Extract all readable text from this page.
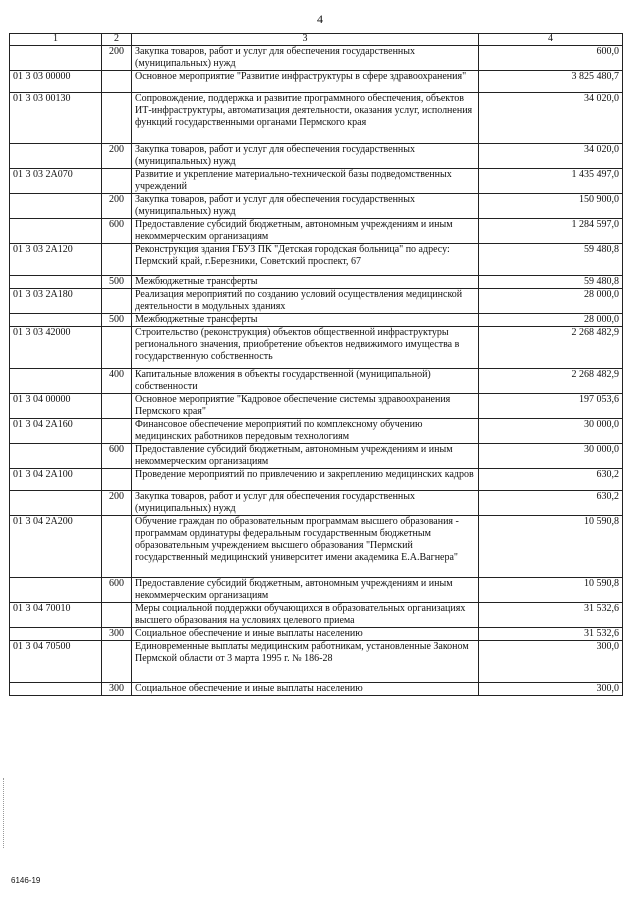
4
1	2	3	4
	200	Закупка товаров, работ и услуг для обеспечения государственных (муниципальных) нужд	600,0
01 3 03 00000		Основное мероприятие "Развитие инфраструктуры в сфере здравоохранения"	3 825 480,7
01 3 03 00130		Сопровождение, поддержка и развитие программного обеспечения, объектов ИТ-инфраструктуры, автоматизация деятельности, оказания услуг, исполнения функций государственными органами Пермского края	34 020,0
	200	Закупка товаров, работ и услуг для обеспечения государственных (муниципальных) нужд	34 020,0
01 3 03 2А070		Развитие и укрепление материально-технической базы подведомственных учреждений	1 435 497,0
	200	Закупка товаров, работ и услуг для обеспечения государственных (муниципальных) нужд	150 900,0
	600	Предоставление субсидий бюджетным, автономным учреждениям и иным некоммерческим организациям	1 284 597,0
01 3 03 2А120		Реконструкция здания ГБУЗ ПК "Детская городская больница" по адресу: Пермский край, г.Березники, Советский проспект, 67	59 480,8
	500	Межбюджетные трансферты	59 480,8
01 3 03 2А180		Реализация мероприятий по созданию условий осуществления медицинской деятельности в модульных зданиях	28 000,0
	500	Межбюджетные трансферты	28 000,0
01 3 03 42000		Строительство (реконструкция) объектов общественной инфраструктуры регионального значения, приобретение объектов недвижимого имущества в государственную собственность	2 268 482,9
	400	Капитальные вложения в объекты государственной (муниципальной) собственности	2 268 482,9
01 3 04 00000		Основное мероприятие "Кадровое обеспечение системы здравоохранения Пермского края"	197 053,6
01 3 04 2А160		Финансовое обеспечение мероприятий по комплексному обучению медицинских работников передовым технологиям	30 000,0
	600	Предоставление субсидий бюджетным, автономным учреждениям и иным некоммерческим организациям	30 000,0
01 3 04 2А100		Проведение мероприятий по привлечению и закреплению медицинских кадров	630,2
	200	Закупка товаров, работ и услуг для обеспечения государственных (муниципальных) нужд	630,2
01 3 04 2А200		Обучение граждан по образовательным программам высшего образования - программам ординатуры федеральным государственным бюджетным образовательным учреждением высшего образования "Пермский государственный медицинский университет имени академика Е.А.Вагнера"	10 590,8
	600	Предоставление субсидий бюджетным, автономным учреждениям и иным некоммерческим организациям	10 590,8
01 3 04 70010		Меры социальной поддержки обучающихся в образовательных организациях высшего образования на условиях целевого приема	31 532,6
	300	Социальное обеспечение и иные выплаты населению	31 532,6
01 3 04 70500		Единовременные выплаты медицинским работникам, установленные Законом Пермской области от 3 марта 1995 г. № 186-28	300,0
	300	Социальное обеспечение и иные выплаты населению	300,0
6146-19
